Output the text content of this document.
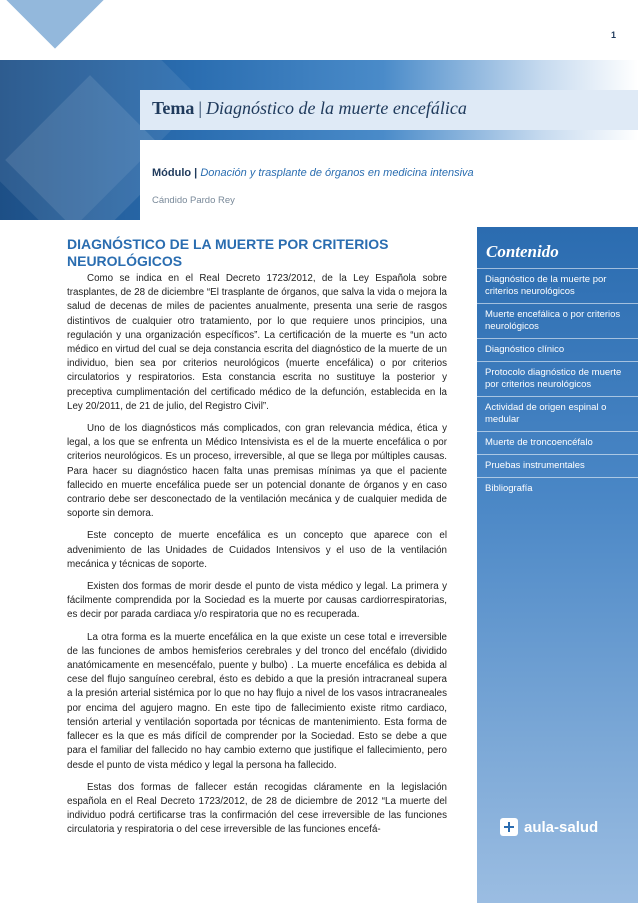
1
Tema | Diagnóstico de la muerte encefálica
Módulo | Donación y trasplante de órganos en medicina intensiva
Cándido Pardo Rey
DIAGNÓSTICO DE LA MUERTE POR CRITERIOS NEUROLÓGICOS

Como se indica en el Real Decreto 1723/2012, de la Ley Española sobre trasplantes, de 28 de diciembre “El trasplante de órganos, que salva la vida o mejora la salud de decenas de miles de pacientes anualmente, presenta una serie de rasgos distintivos de cualquier otro tratamiento, por lo que requiere unos principios, una regulación y una organización específicos”. La certificación de la muerte es “un acto médico en virtud del cual se deja constancia escrita del diagnóstico de la muerte de un individuo, bien sea por criterios neurológicos (muerte encefálica) o por criterios circulatorios y respiratorios. Esta constancia escrita no sustituye la posterior y preceptiva cumplimentación del certificado médico de la defunción, establecida en la Ley 20/2011, de 21 de julio, del Registro Civil”.

Uno de los diagnósticos más complicados, con gran relevancia médica, ética y legal, a los que se enfrenta un Médico Intensivista es el de la muerte encefálica o por criterios neurológicos. Es un proceso, irreversible, al que se llega por múltiples causas. Para hacer su diagnóstico hacen falta unas premisas mínimas ya que el paciente fallecido en muerte encefálica puede ser un potencial donante de órganos y en caso contrario debe ser desconectado de la ventilación mecánica y de cualquier medida de soporte sin demora.

Este concepto de muerte encefálica es un concepto que aparece con el advenimiento de las Unidades de Cuidados Intensivos y el uso de la ventilación mecánica y técnicas de soporte.

Existen dos formas de morir desde el punto de vista médico y legal. La primera y fácilmente comprendida por la Sociedad es la muerte por causas cardiorrespiratorias, es decir por parada cardiaca y/o respiratoria que no es recuperada.

La otra forma es la muerte encefálica en la que existe un cese total e irreversible de las funciones de ambos hemisferios cerebrales y del tronco del encéfalo (dividido anatómicamente en mesencéfalo, puente y bulbo) . La muerte encefálica es debida al cese del flujo sanguíneo cerebral, ésto es debido a que la presión intracraneal supera a la presión arterial sistémica por lo que no hay flujo a nivel de los vasos intracraneales por encima del agujero magno. En este tipo de fallecimiento existe ritmo cardiaco, tensión arterial y ventilación soportada por técnicas de mantenimiento. Esta forma de fallecer es la que es más difícil de comprender por la Sociedad. Esto se debe a que para el familiar del fallecido no hay cambio externo que justifique el fallecimiento, pero desde el punto de vista médico y legal la persona ha fallecido.

Estas dos formas de fallecer están recogidas cláramente en la legislación española en el Real Decreto 1723/2012, de 28 de diciembre de 2012 “La muerte del individuo podrá certificarse tras la confirmación del cese irreversible de las funciones circulatoria y respiratoria o del cese irreversible de las funciones encefá-

Contenido
Diagnóstico de la muerte por criterios neurológicos
Muerte encefálica o por criterios neurológicos
Diagnóstico clínico
Protocolo diagnóstico de muerte por criterios neurológicos
Actividad de origen espinal o medular
Muerte de troncoencéfalo
Pruebas instrumentales
Bibliografía
aula-salud
